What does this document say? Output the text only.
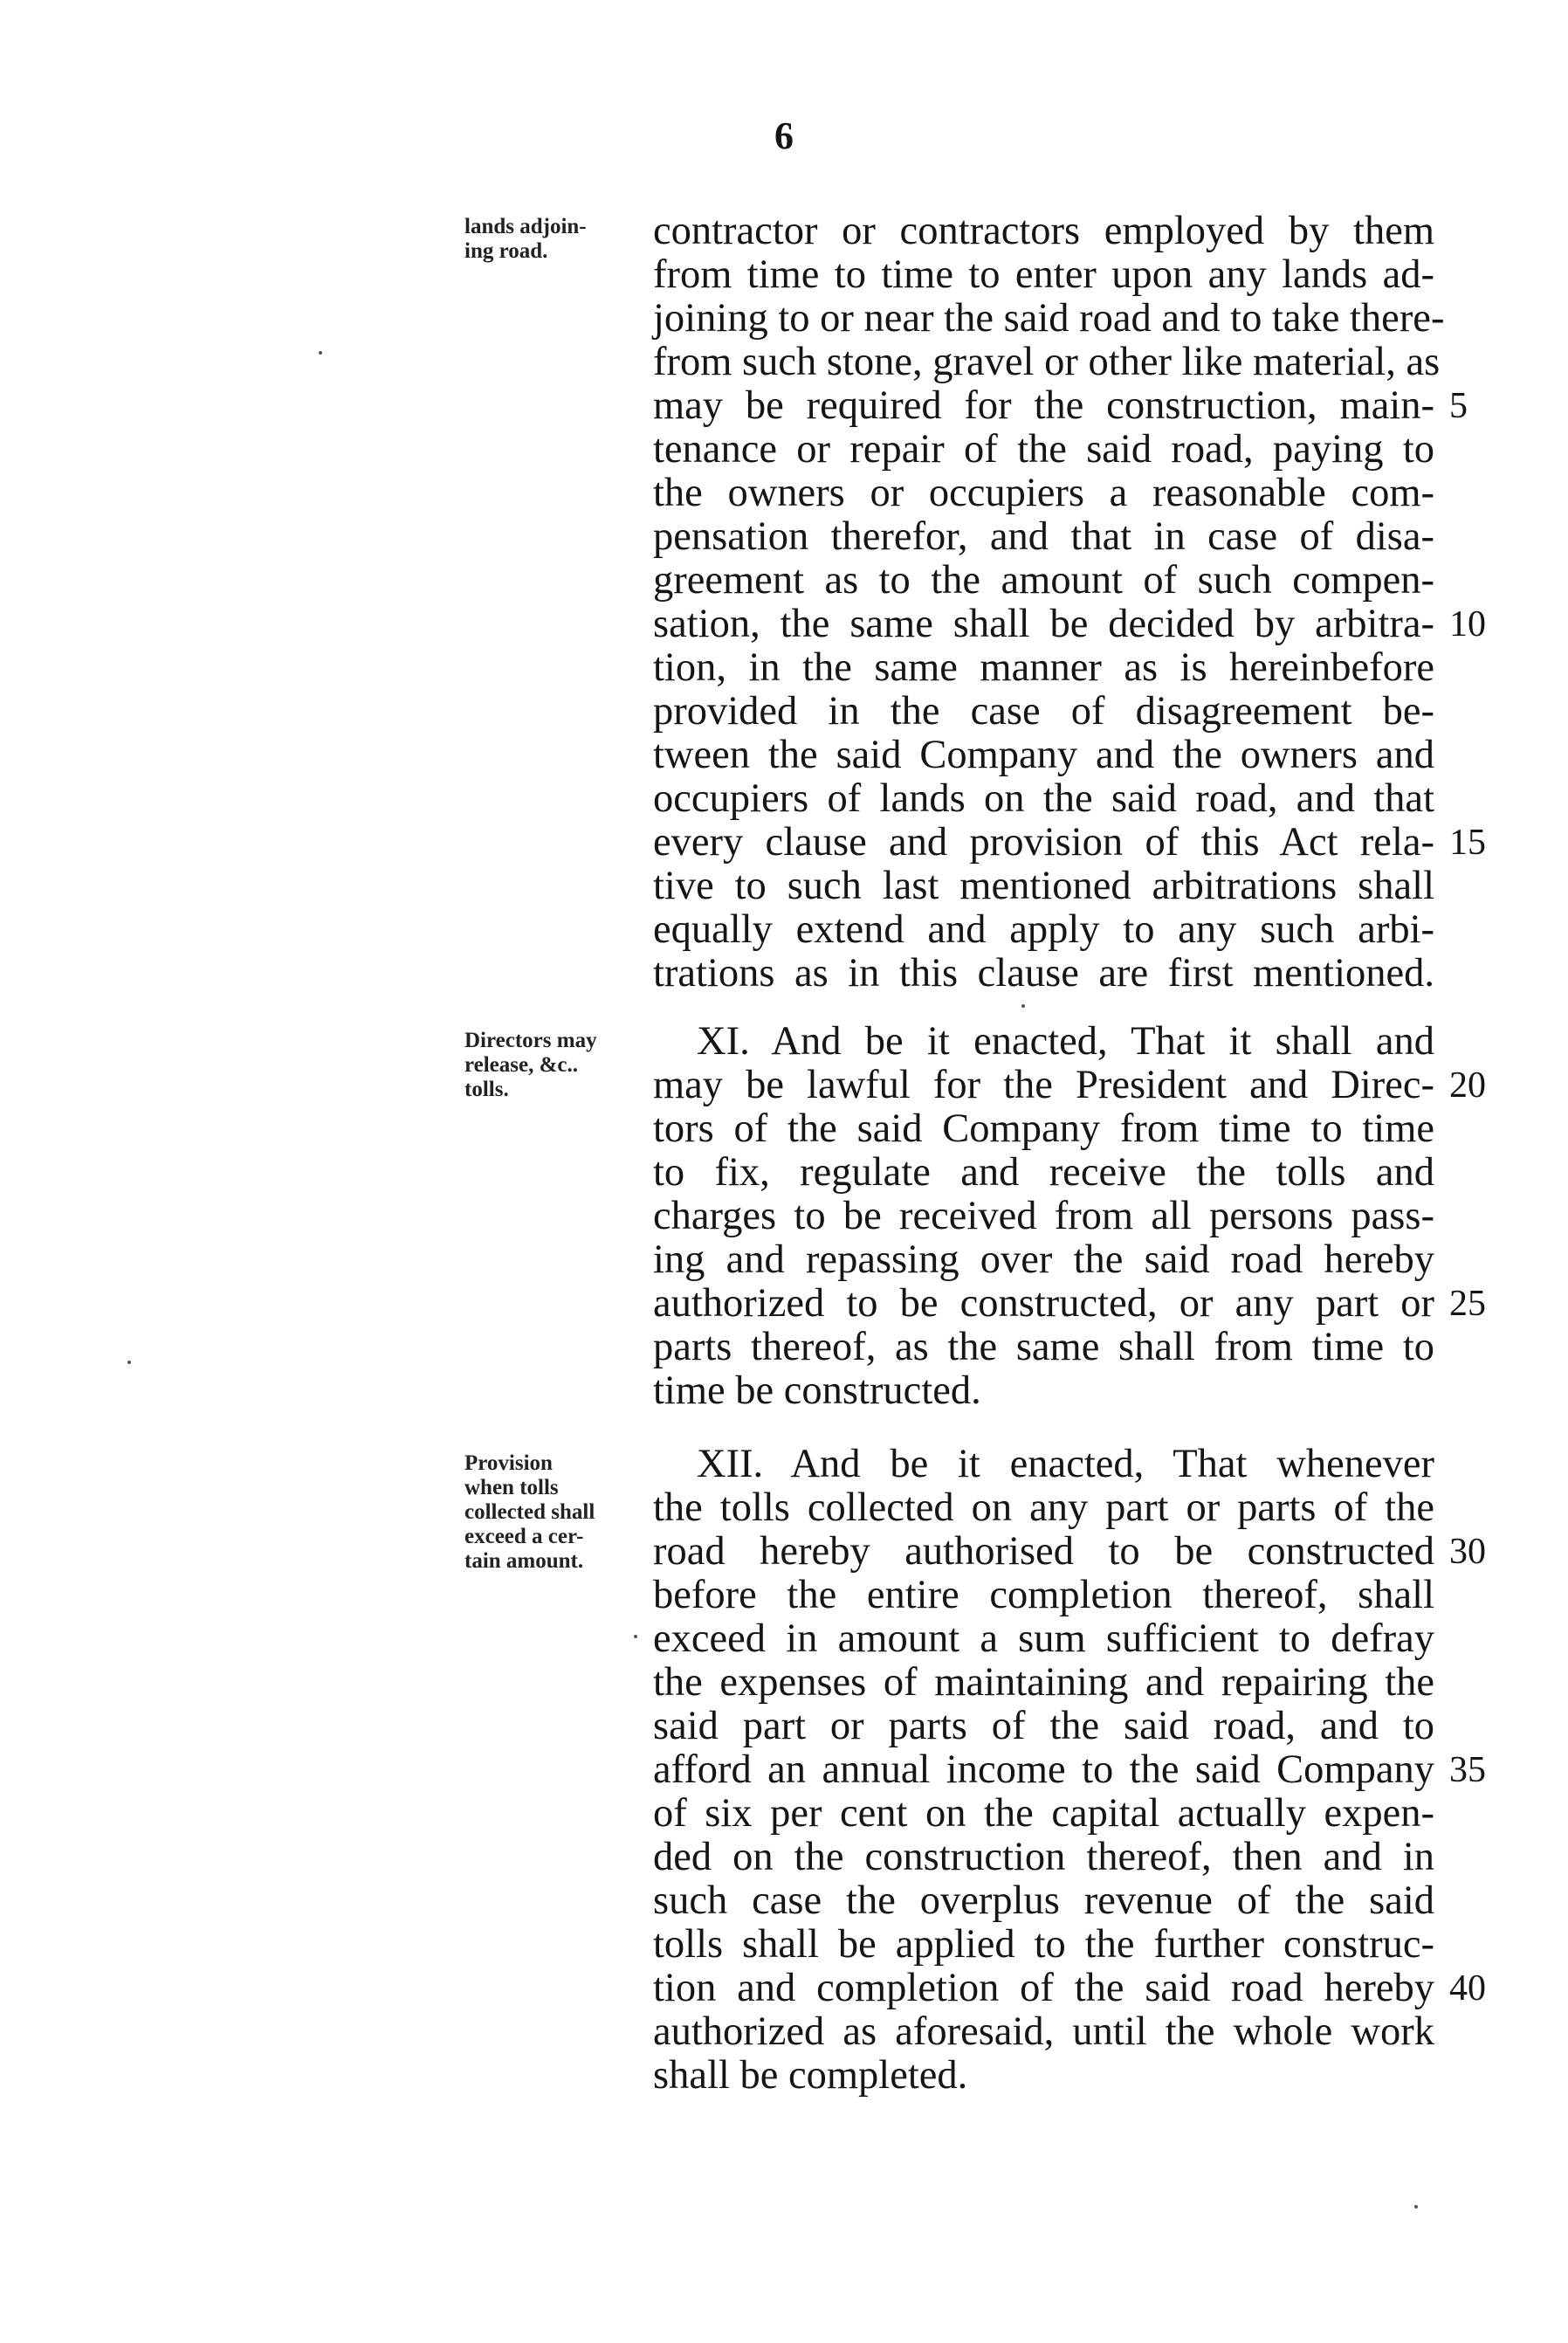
6
lands adjoin-
ing road.	contractor or contractors employed by them
from time to time to enter upon any lands ad-
joining to or near the said road and to take there-
from such stone, gravel or other like material, as
may be required for the construction, main-
tenance or repair of the said road, paying to
the owners or occupiers a reasonable com-
pensation therefor, and that in case of disa-
greement as to the amount of such compen-
sation, the same shall be decided by arbitra-
tion, in the same manner as is hereinbefore
provided in the case of disagreement be-
tween the said Company and the owners and
occupiers of lands on the said road, and that
every clause and provision of this Act rela-
tive to such last mentioned arbitrations shall
equally extend and apply to any such arbi-
trations as in this clause are first mentioned.
Directors may
release, &c..
tolls.
XI. And be it enacted, That it shall and
may be lawful for the President and Direc-
tors of the said Company from time to time
to fix, regulate and receive the tolls and
charges to be received from all persons pass-
ing and repassing over the said road hereby
authorized to be constructed, or any part or
parts thereof, as the same shall from time to
time be constructed.
Provision
when tolls
collected shall
exceed a cer-
tain amount.
XII. And be it enacted, That whenever
the tolls collected on any part or parts of the
road hereby authorised to be constructed
before the entire completion thereof, shall
exceed in amount a sum sufficient to defray
the expenses of maintaining and repairing the
said part or parts of the said road, and to
afford an annual income to the said Company
of six per cent on the capital actually expen-
ded on the construction thereof, then and in
such case the overplus revenue of the said
tolls shall be applied to the further construc-
tion and completion of the said road hereby
authorized as aforesaid, until the whole work
shall be completed.
5
10
15
20
25
30
35
40
